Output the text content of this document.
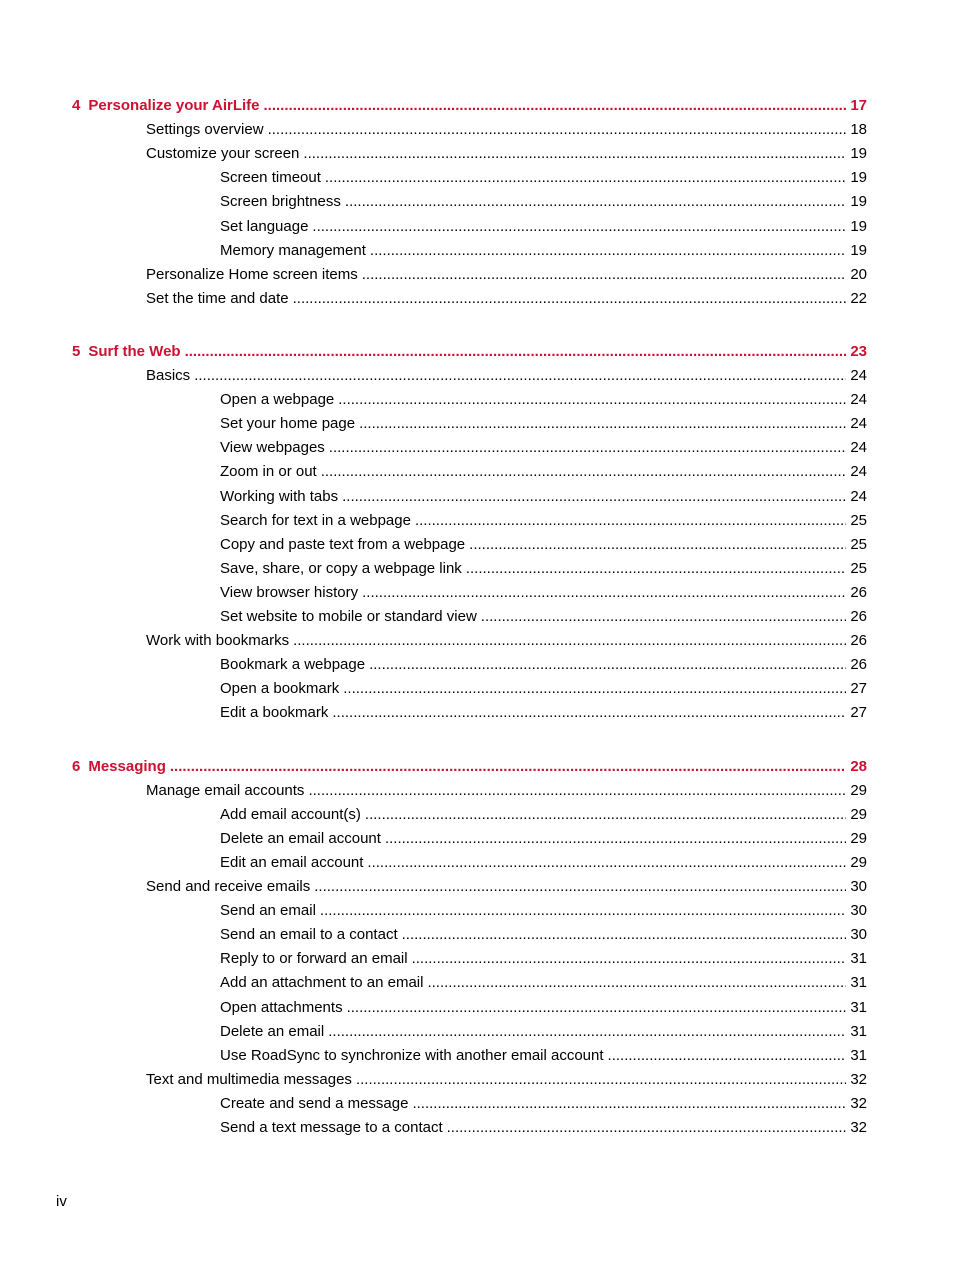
4 Personalize your AirLife .....	17
Settings overview .....	18
Customize your screen .....	19
Screen timeout .....	19
Screen brightness .....	19
Set language .....	19
Memory management .....	19
Personalize Home screen items .....	20
Set the time and date .....	22
5 Surf the Web .....	23
Basics .....	24
Open a webpage .....	24
Set your home page .....	24
View webpages .....	24
Zoom in or out .....	24
Working with tabs .....	24
Search for text in a webpage .....	25
Copy and paste text from a webpage .....	25
Save, share, or copy a webpage link .....	25
View browser history .....	26
Set website to mobile or standard view .....	26
Work with bookmarks .....	26
Bookmark a webpage .....	26
Open a bookmark .....	27
Edit a bookmark .....	27
6 Messaging .....	28
Manage email accounts .....	29
Add email account(s) .....	29
Delete an email account .....	29
Edit an email account .....	29
Send and receive emails .....	30
Send an email .....	30
Send an email to a contact .....	30
Reply to or forward an email .....	31
Add an attachment to an email .....	31
Open attachments .....	31
Delete an email .....	31
Use RoadSync to synchronize with another email account .....	31
Text and multimedia messages .....	32
Create and send a message .....	32
Send a text message to a contact .....	32
iv
